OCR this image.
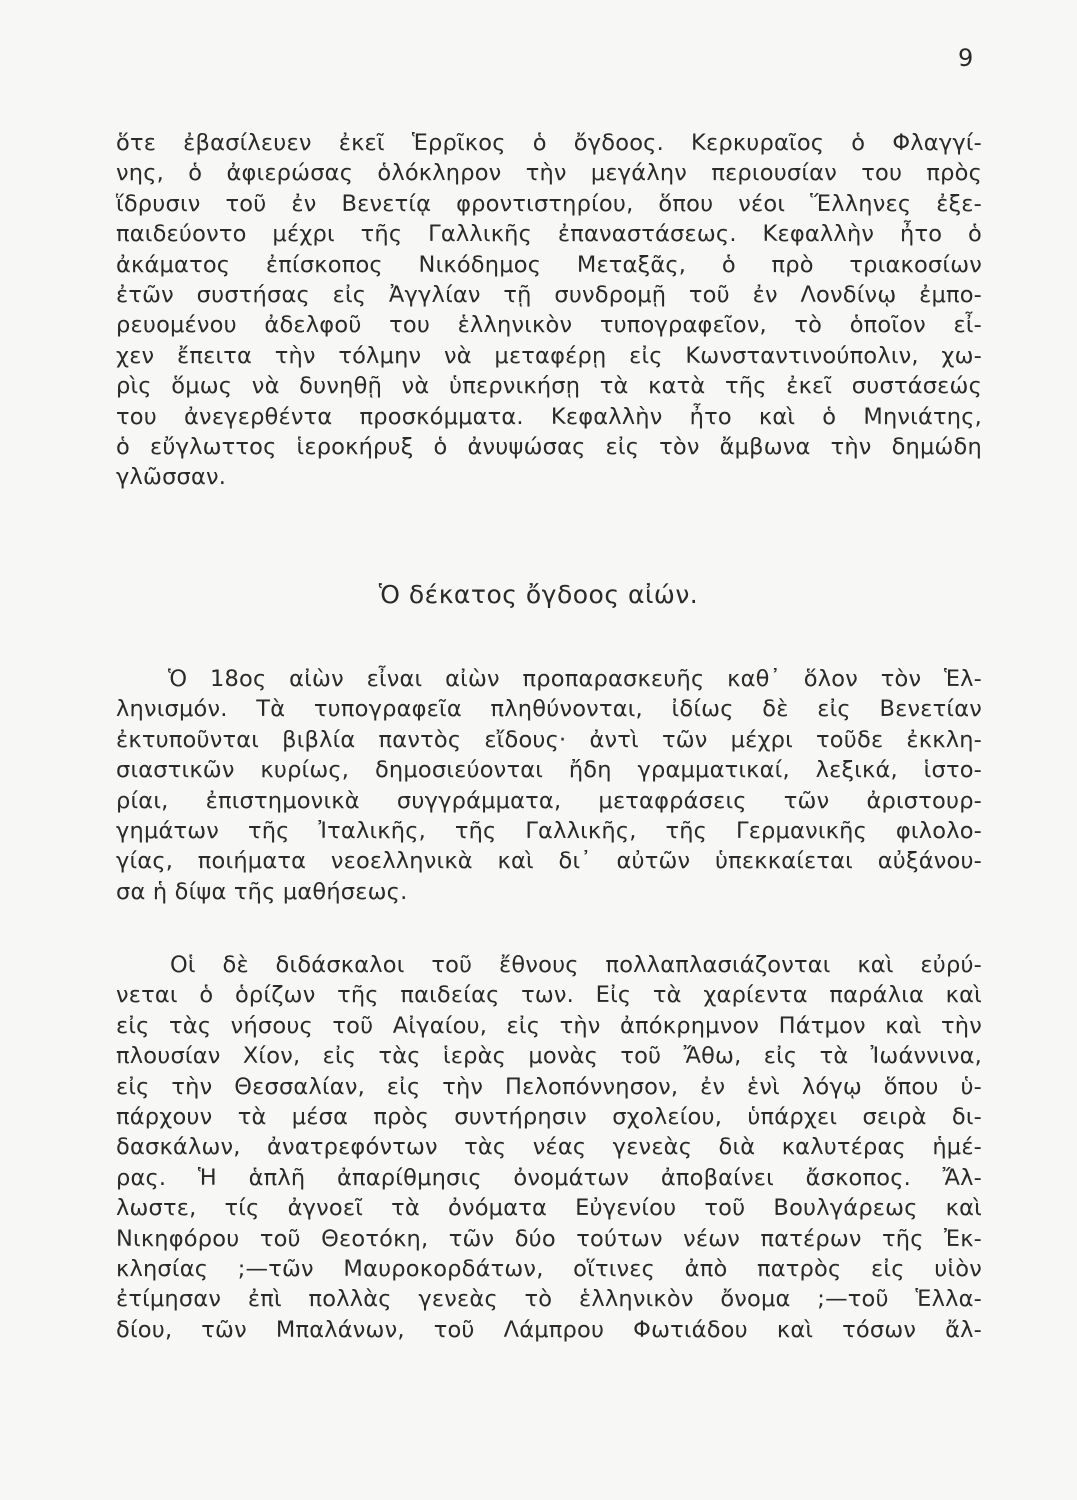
9
ὅτε ἐβασίλευεν ἐκεῖ Ἑρρῖκος ὁ ὄγδοος. Κερκυραῖος ὁ Φλαγγί-
νης, ὁ ἀφιερώσας ὁλόκληρον τὴν μεγάλην περιουσίαν του πρὸς
ἵδρυσιν τοῦ ἐν Βενετίᾳ φροντιστηρίου, ὅπου νέοι Ἕλληνες ἐξε-
παιδεύοντο μέχρι τῆς Γαλλικῆς ἐπαναστάσεως. Κεφαλλὴν ἦτο ὁ
ἀκάματος ἐπίσκοπος Νικόδημος Μεταξᾶς, ὁ πρὸ τριακοσίων
ἐτῶν συστήσας εἰς Ἀγγλίαν τῇ συνδρομῇ τοῦ ἐν Λονδίνῳ ἐμπο-
ρευομένου ἀδελφοῦ του ἑλληνικὸν τυπογραφεῖον, τὸ ὁποῖον εἶ-
χεν ἔπειτα τὴν τόλμην νὰ μεταφέρῃ εἰς Κωνσταντινούπολιν, χω-
ρὶς ὅμως νὰ δυνηθῇ νὰ ὑπερνικήσῃ τὰ κατὰ τῆς ἐκεῖ συστάσεώς
του ἀνεγερθέντα προσκόμματα. Κεφαλλὴν ἦτο καὶ ὁ Μηνιάτης,
ὁ εὔγλωττος ἱεροκήρυξ ὁ ἀνυψώσας εἰς τὸν ἄμβωνα τὴν δημώδη
γλῶσσαν.
Ὁ δέκατος ὄγδοος αἰών.
Ὁ 18ος αἰὼν εἶναι αἰὼν προπαρασκευῆς καθ᾽ ὅλον τὸν Ἑλ-
ληνισμόν. Τὰ τυπογραφεῖα πληθύνονται, ἰδίως δὲ εἰς Βενετίαν
ἐκτυποῦνται βιβλία παντὸς εἴδους· ἀντὶ τῶν μέχρι τοῦδε ἐκκλη-
σιαστικῶν κυρίως, δημοσιεύονται ἤδη γραμματικαί, λεξικά, ἱστο-
ρίαι, ἐπιστημονικὰ συγγράμματα, μεταφράσεις τῶν ἀριστουρ-
γημάτων τῆς Ἰταλικῆς, τῆς Γαλλικῆς, τῆς Γερμανικῆς φιλολο-
γίας, ποιήματα νεοελληνικὰ καὶ δι᾽ αὐτῶν ὑπεκκαίεται αὐξάνου-
σα ἡ δίψα τῆς μαθήσεως.
Οἱ δὲ διδάσκαλοι τοῦ ἔθνους πολλαπλασιάζονται καὶ εὐρύ-
νεται ὁ ὁρίζων τῆς παιδείας των. Εἰς τὰ χαρίεντα παράλια καὶ
εἰς τὰς νήσους τοῦ Αἰγαίου, εἰς τὴν ἀπόκρημνον Πάτμον καὶ τὴν
πλουσίαν Χίον, εἰς τὰς ἱερὰς μονὰς τοῦ Ἄθω, εἰς τὰ Ἰωάννινα,
εἰς τὴν Θεσσαλίαν, εἰς τὴν Πελοπόννησον, ἐν ἑνὶ λόγῳ ὅπου ὑ-
πάρχουν τὰ μέσα πρὸς συντήρησιν σχολείου, ὑπάρχει σειρὰ δι-
δασκάλων, ἀνατρεφόντων τὰς νέας γενεὰς διὰ καλυτέρας ἡμέ-
ρας. Ἡ ἁπλῆ ἀπαρίθμησις ὀνομάτων ἀποβαίνει ἄσκοπος. Ἄλ-
λωστε, τίς ἀγνοεῖ τὰ ὀνόματα Εὐγενίου τοῦ Βουλγάρεως καὶ
Νικηφόρου τοῦ Θεοτόκη, τῶν δύο τούτων νέων πατέρων τῆς Ἐκ-
κλησίας ;—τῶν Μαυροκορδάτων, οἵτινες ἀπὸ πατρὸς εἰς υἱὸν
ἐτίμησαν ἐπὶ πολλὰς γενεὰς τὸ ἑλληνικὸν ὄνομα ;—τοῦ Ἑλλα-
δίου, τῶν Μπαλάνων, τοῦ Λάμπρου Φωτιάδου καὶ τόσων ἄλ-
